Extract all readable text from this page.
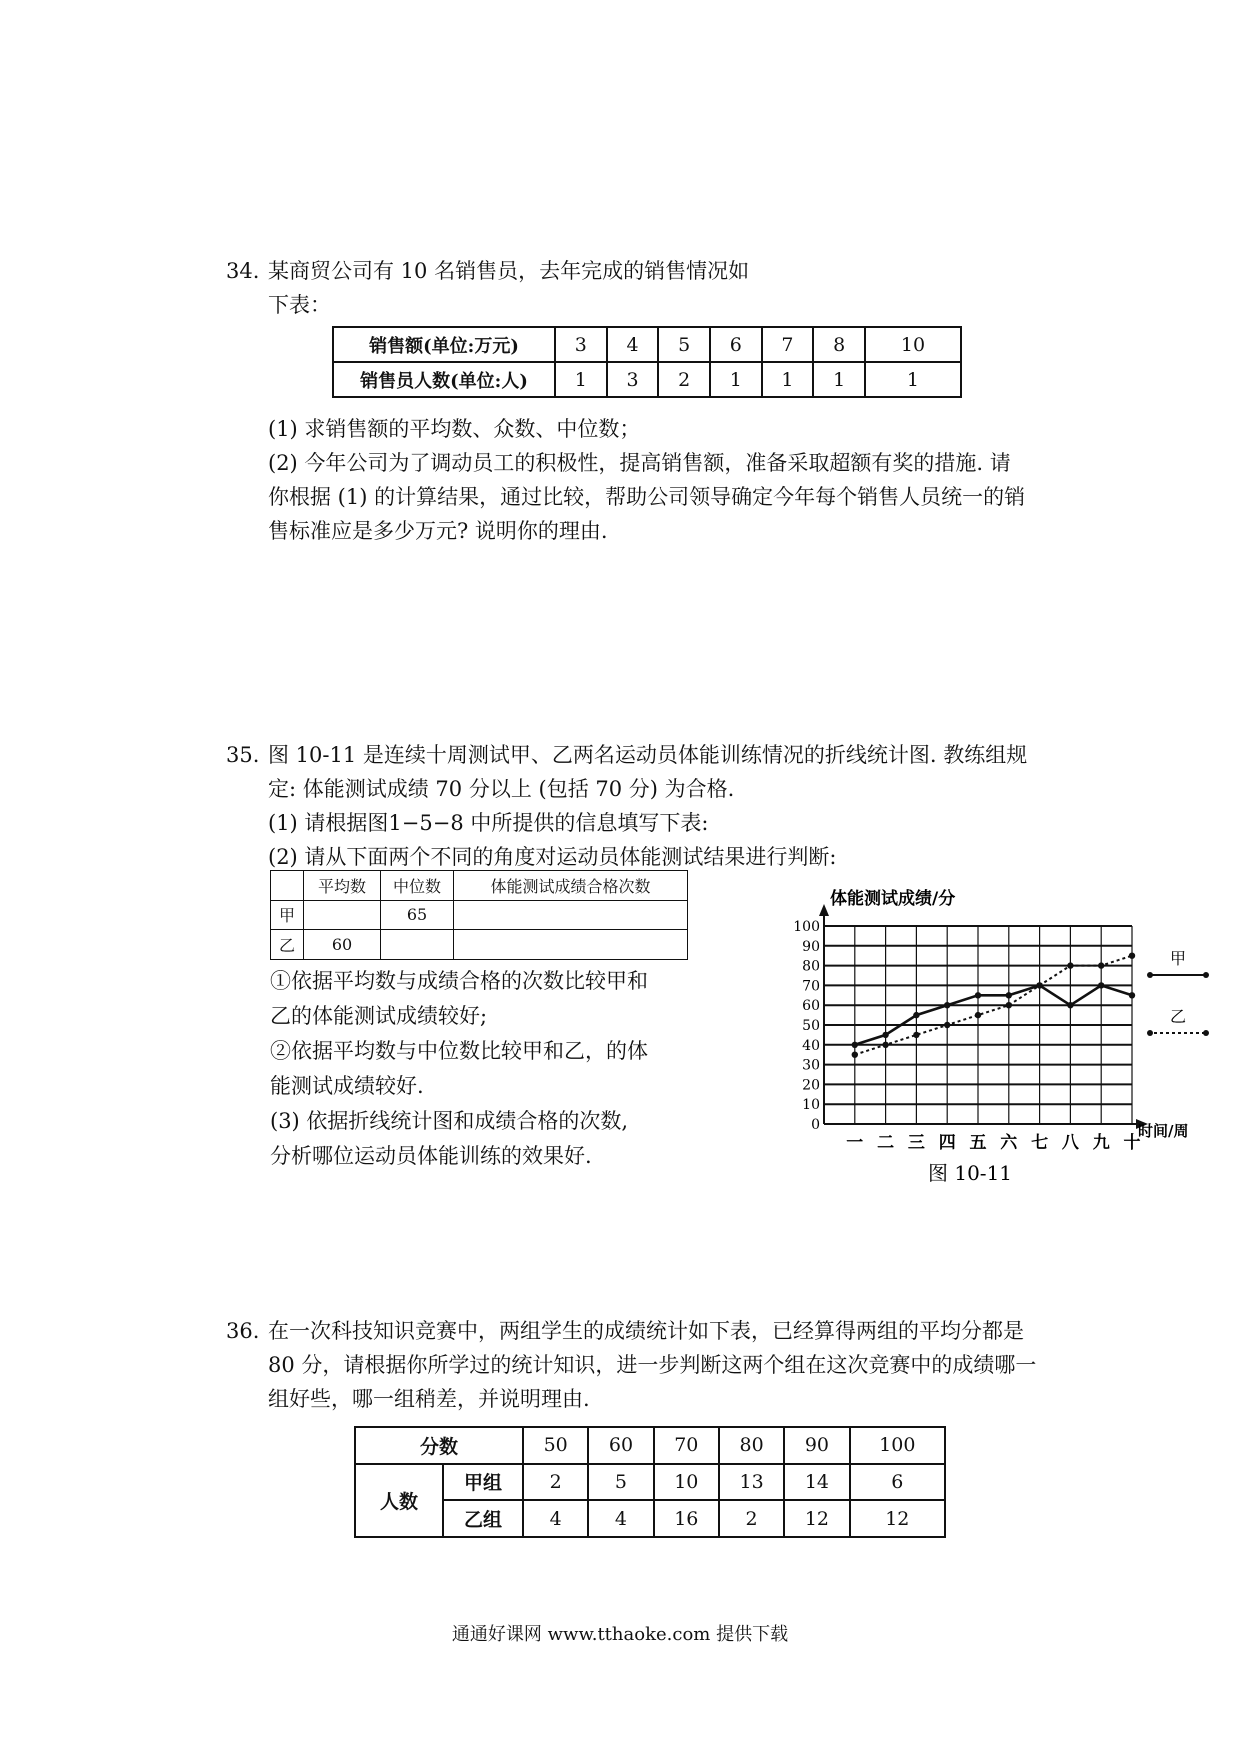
34. 某商贸公司有 10 名销售员，去年完成的销售情况如

下表：

销售额(单位:万元)	3	4	5	6	7	8	10
销售员人数(单位:人)	1	3	2	1	1	1	1

(1) 求销售额的平均数、众数、中位数；

(2) 今年公司为了调动员工的积极性，提高销售额，准备采取超额有奖的措施. 请

你根据 (1) 的计算结果，通过比较，帮助公司领导确定今年每个销售人员统一的销

售标准应是多少万元? 说明你的理由.

35. 图 10-11 是连续十周测试甲、乙两名运动员体能训练情况的折线统计图. 教练组规

定: 体能测试成绩 70 分以上 (包括 70 分) 为合格.

(1) 请根据图1−5−8 中所提供的信息填写下表:

(2) 请从下面两个不同的角度对运动员体能测试结果进行判断:

	平均数	中位数	体能测试成绩合格次数
甲		65	
乙	60		

①依据平均数与成绩合格的次数比较甲和

乙的体能测试成绩较好;

②依据平均数与中位数比较甲和乙，的体

能测试成绩较好.

(3) 依据折线统计图和成绩合格的次数,

分析哪位运动员体能训练的效果好.

0
10
20
30
40
50
60
70
80
90
100
一 二 三 四 五 六 七 八 九 十
体能测试成绩/分
时间/周
图 10-11
甲
乙

36. 在一次科技知识竞赛中，两组学生的成绩统计如下表，已经算得两组的平均分都是

80 分，请根据你所学过的统计知识，进一步判断这两个组在这次竞赛中的成绩哪一

组好些，哪一组稍差，并说明理由.

分数		50	60	70	80	90	100
人数	甲组	2	5	10	13	14	6
	乙组	4	4	16	2	12	12
通通好课网 www.tthaoke.com 提供下载
